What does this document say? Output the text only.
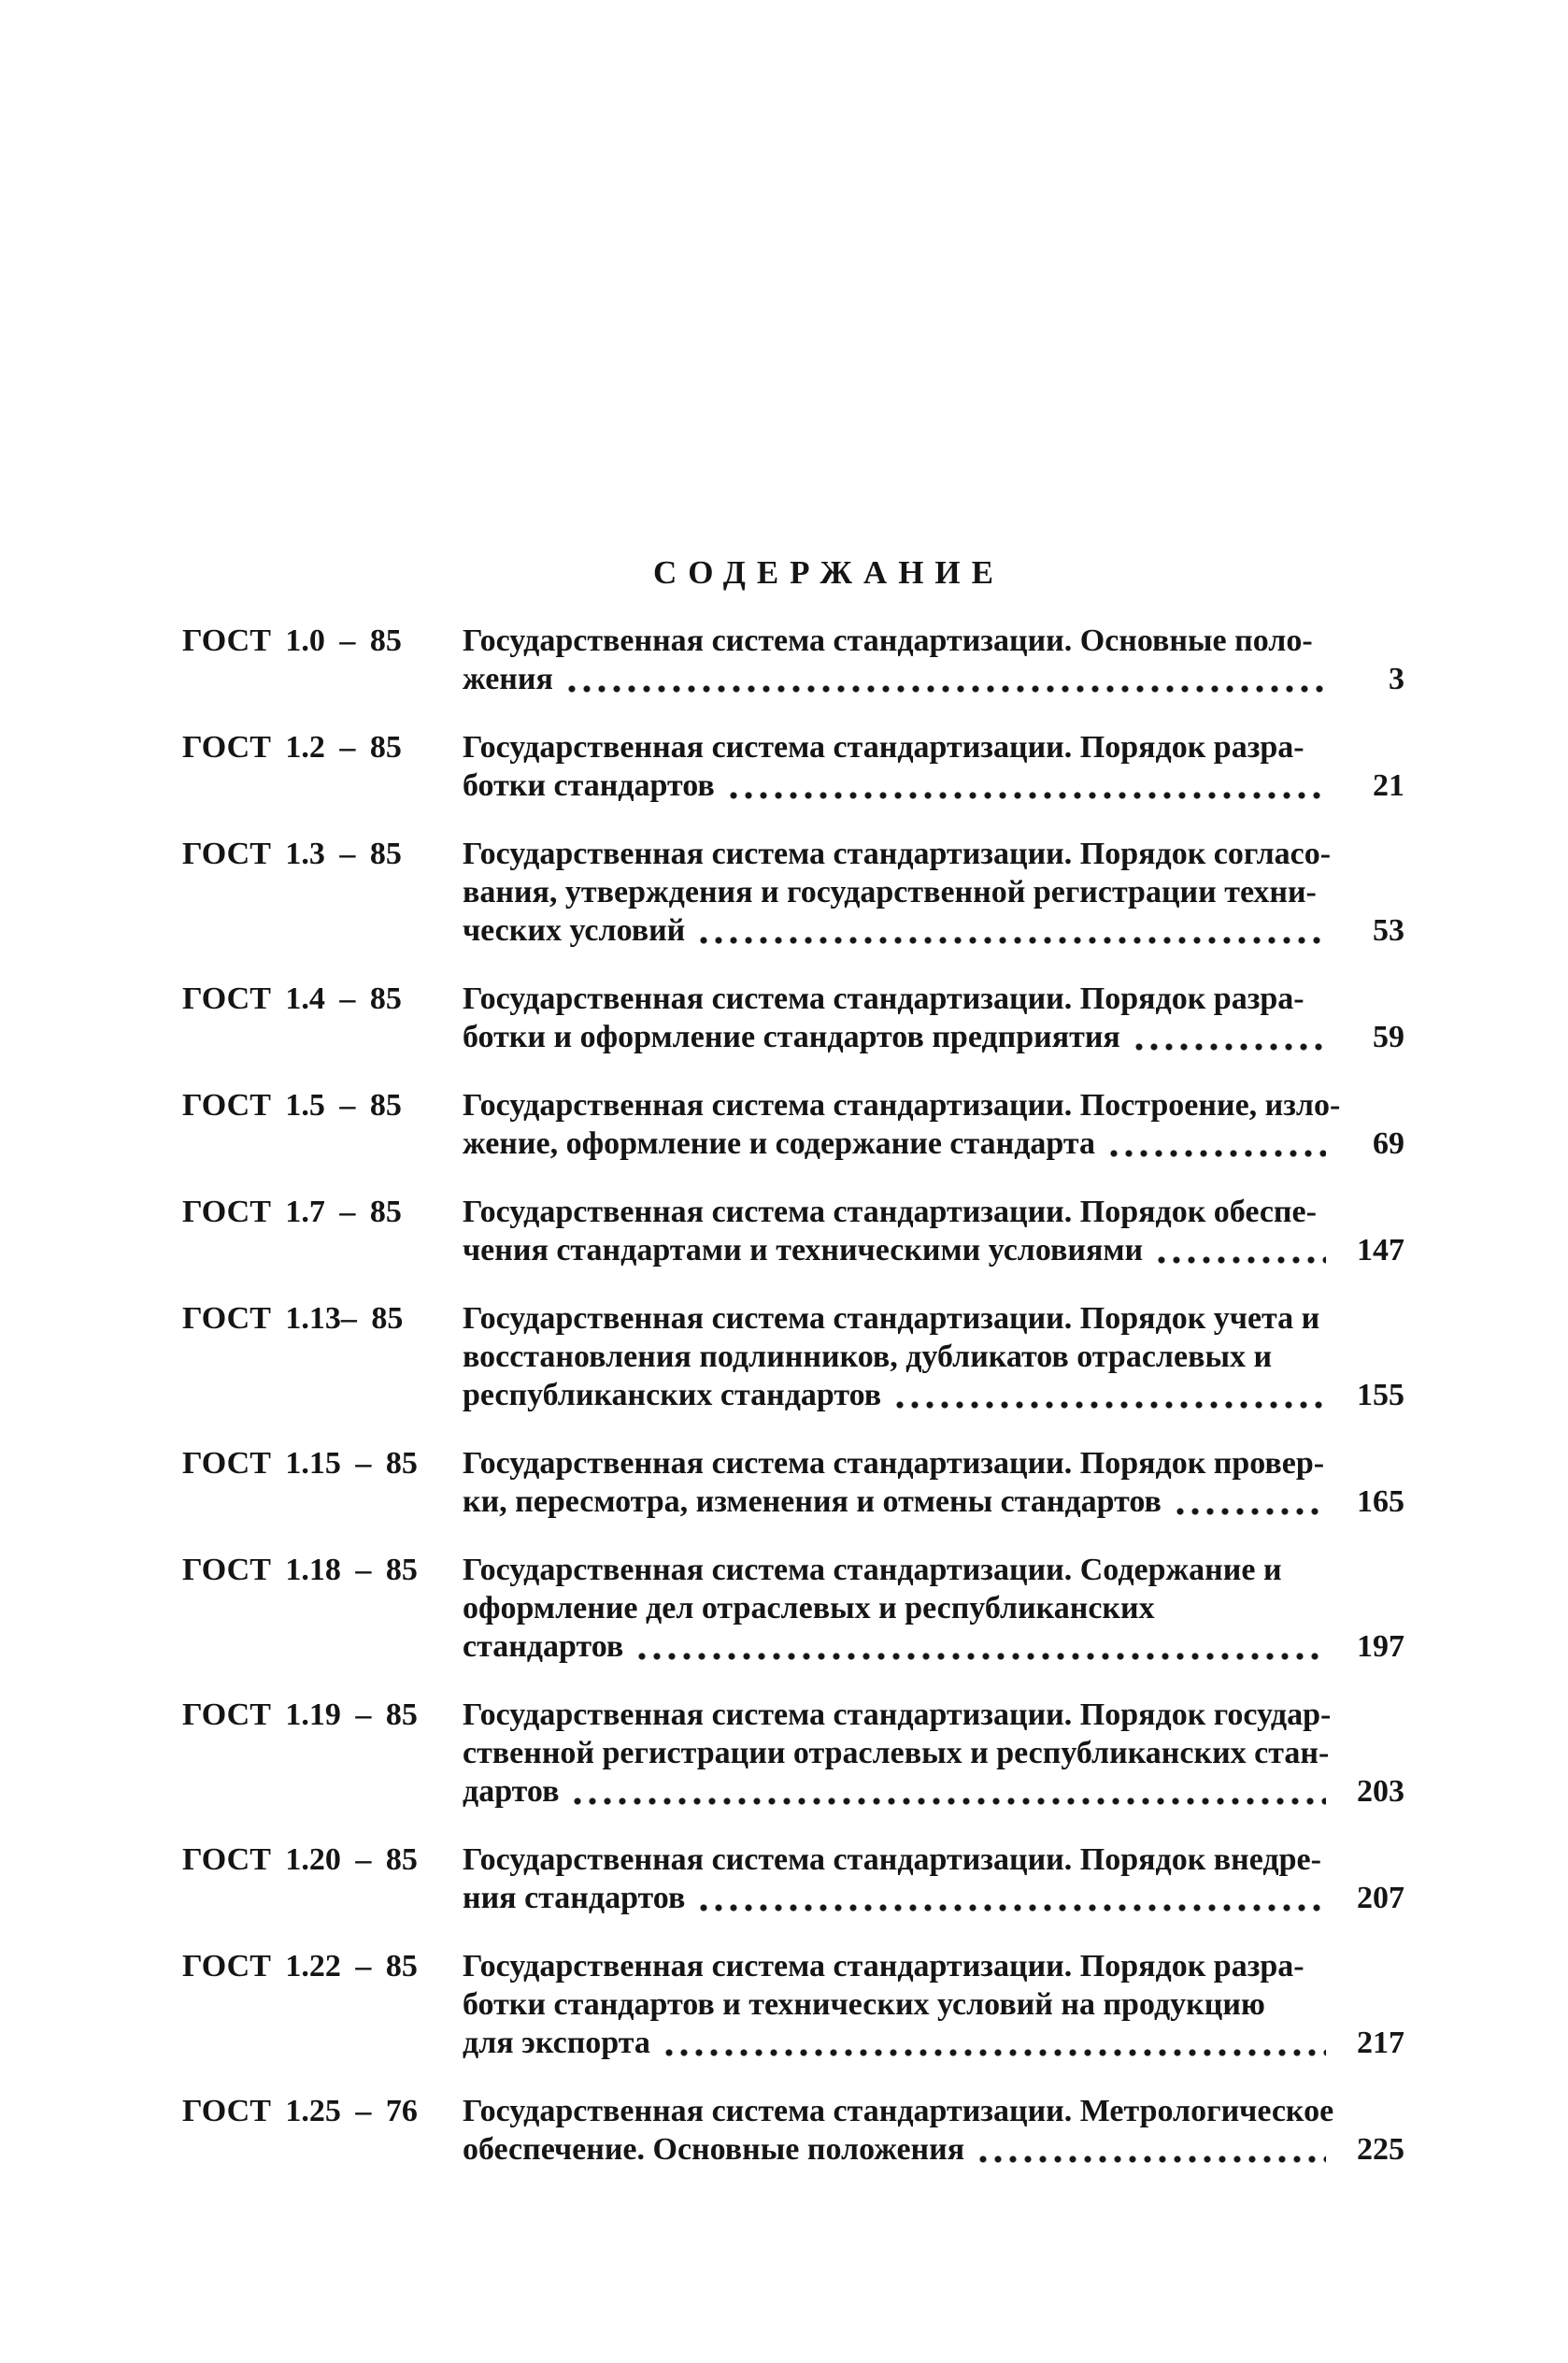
СОДЕРЖАНИЕ
ГОСТ 1.0 – 85	Государственная система стандартизации. Основные поло-
жения	3
ГОСТ 1.2 – 85	Государственная система стандартизации. Порядок разра-
ботки стандартов	21
ГОСТ 1.3 – 85	Государственная система стандартизации. Порядок согласо-
вания, утверждения и государственной регистрации техни-
ческих условий	53
ГОСТ 1.4 – 85	Государственная система стандартизации. Порядок разра-
ботки и оформление стандартов предприятия	59
ГОСТ 1.5 – 85	Государственная система стандартизации. Построение, изло-
жение, оформление и содержание стандарта	69
ГОСТ 1.7 – 85	Государственная система стандартизации. Порядок обеспе-
чения стандартами и техническими условиями	147
ГОСТ 1.13– 85	Государственная система стандартизации. Порядок учета и
восстановления подлинников, дубликатов отраслевых и
республиканских стандартов	155
ГОСТ 1.15 – 85	Государственная система стандартизации. Порядок провер-
ки, пересмотра, изменения и отмены стандартов	165
ГОСТ 1.18 – 85	Государственная система стандартизации. Содержание и
оформление дел отраслевых и республиканских
стандартов	197
ГОСТ 1.19 – 85	Государственная система стандартизации. Порядок государ-
ственной регистрации отраслевых и республиканских стан-
дартов	203
ГОСТ 1.20 – 85	Государственная система стандартизации. Порядок внедре-
ния стандартов	207
ГОСТ 1.22 – 85	Государственная система стандартизации. Порядок разра-
ботки стандартов и технических условий на продукцию
для экспорта	217
ГОСТ 1.25 – 76	Государственная система стандартизации. Метрологическое
обеспечение. Основные положения	225
